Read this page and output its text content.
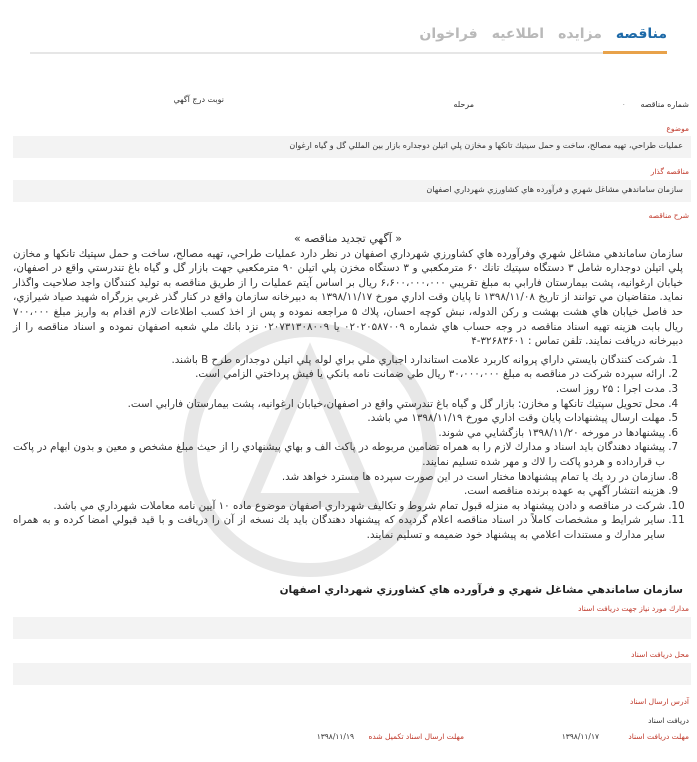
مناقصه
مزايده
اطلاعيه
فراخوان
شماره مناقصه
.
مرحله
نوبت درج آگهي
موضوع
عمليات طراحي، تهيه مصالح، ساخت و حمل سيتيك تانكها و مخازن پلي اتيلن دوجداره بازار بين المللي گل و گياه ارغوان
مناقصه گذار
سازمان ساماندهي مشاغل شهري و فرآورده هاي كشاورزي شهرداري اصفهان
شرح مناقصه
« آگهي تجديد مناقصه »
سازمان ساماندهي مشاغل شهري وفرآورده هاي كشاورزي شهرداري اصفهان در نظر دارد عمليات طراحي، تهيه مصالح، ساخت و حمل سپتيك تانكها و مخازن پلي اتيلن دوجداره شامل ۳ دستگاه سپتيك تانك ۶۰ مترمكعبي و ۳ دستگاه مخزن پلي اتيلن ۹۰ مترمكعبي جهت بازار گل و گياه باغ تندرستي واقع در اصفهان، خيابان ارغوانيه، پشت بيمارستان فارابي به مبلغ تقريبي ۶،۶۰۰،۰۰۰،۰۰۰ ريال بر اساس آيتم عمليات را از طريق مناقصه به توليد كنندگان واجد صلاحيت واگذار نمايد. متقاضيان مي توانند از تاريخ ۱۳۹۸/۱۱/۰۸ تا پايان وقت اداري مورخ ۱۳۹۸/۱۱/۱۷ به دبيرخانه سازمان واقع در كنار گذر غربي بزرگراه شهيد صياد شيرازي، حد فاصل خيابان هاي هشت بهشت و ركن الدوله، نبش كوچه احسان، پلاك ۵ مراجعه نموده و پس از اخذ كسب اطلاعات لازم اقدام به واريز مبلغ ۷۰۰،۰۰۰ ريال بابت هزينه تهيه اسناد مناقصه در وجه حساب هاي شماره ۰۲۰۲۰۵۸۷۰۰۹ يا ۰۲۰۷۳۱۳۰۸۰۰۹ نزد بانك ملي شعبه اصفهان نموده و اسناد مناقصه را از دبيرخانه دريافت نمايند. تلفن تماس : ۳۲۶۸۳۶۰۱-۴
1. شركت كنندگان بايستي داراي پروانه كاربرد علامت استاندارد اجباري ملي براي لوله پلي اتيلن دوجداره طرح B باشند.
2. ارائه سپرده شركت در مناقصه به مبلغ ۳۰،۰۰۰،۰۰۰ ريال طي ضمانت نامه بانكي يا فيش پرداختي الزامي است.
3. مدت اجرا : ۲۵ روز است.
4. محل تحويل سپتيك تانكها و مخازن: بازار گل و گياه باغ تندرستي واقع در اصفهان،خيابان ارغوانيه، پشت بيمارستان فارابي است.
5. مهلت ارسال پيشنهادات پايان وقت اداري مورخ ۱۳۹۸/۱۱/۱۹ مي باشد.
6. پيشنهادها در مورخه ۱۳۹۸/۱۱/۲۰ بازگشايي مي شوند.
7. پيشنهاد دهندگان بايد اسناد و مدارك لازم را به همراه تضامين مربوطه در پاكت الف و بهاي پيشنهادي را از حيث مبلغ مشخص و معين و بدون ابهام در پاكت ب قرارداده و هردو پاكت را لاك و مهر شده تسليم نمايند.
8. سازمان در رد يك يا تمام پيشنهادها مختار است در اين صورت سپرده ها مسترد خواهد شد.
9. هزينه انتشار آگهي به عهده برنده مناقصه است.
10. شركت در مناقصه و دادن پيشنهاد به منزله قبول تمام شروط و تكاليف شهرداري اصفهان موضوع ماده ۱۰ آيين نامه معاملات شهرداري مي باشد.
11. ساير شرايط و مشخصات كاملاً در اسناد مناقصه اعلام گرديده كه پيشنهاد دهندگان بايد يك نسخه از آن را دريافت و با قيد قبولي امضا كرده و به همراه ساير مدارك و مستندات اعلامي به پيشنهاد خود ضميمه و تسليم نمايند.
سازمان ساماندهي مشاغل شهري و فرآورده هاي كشاورزي شهرداري اصفهان
مدارك مورد نياز جهت دريافت اسناد
محل دريافت اسناد
آدرس ارسال اسناد
دريافت اسناد
مهلت دريافت اسناد
۱۳۹۸/۱۱/۱۷
مهلت ارسال اسناد تكميل شده
۱۳۹۸/۱۱/۱۹
